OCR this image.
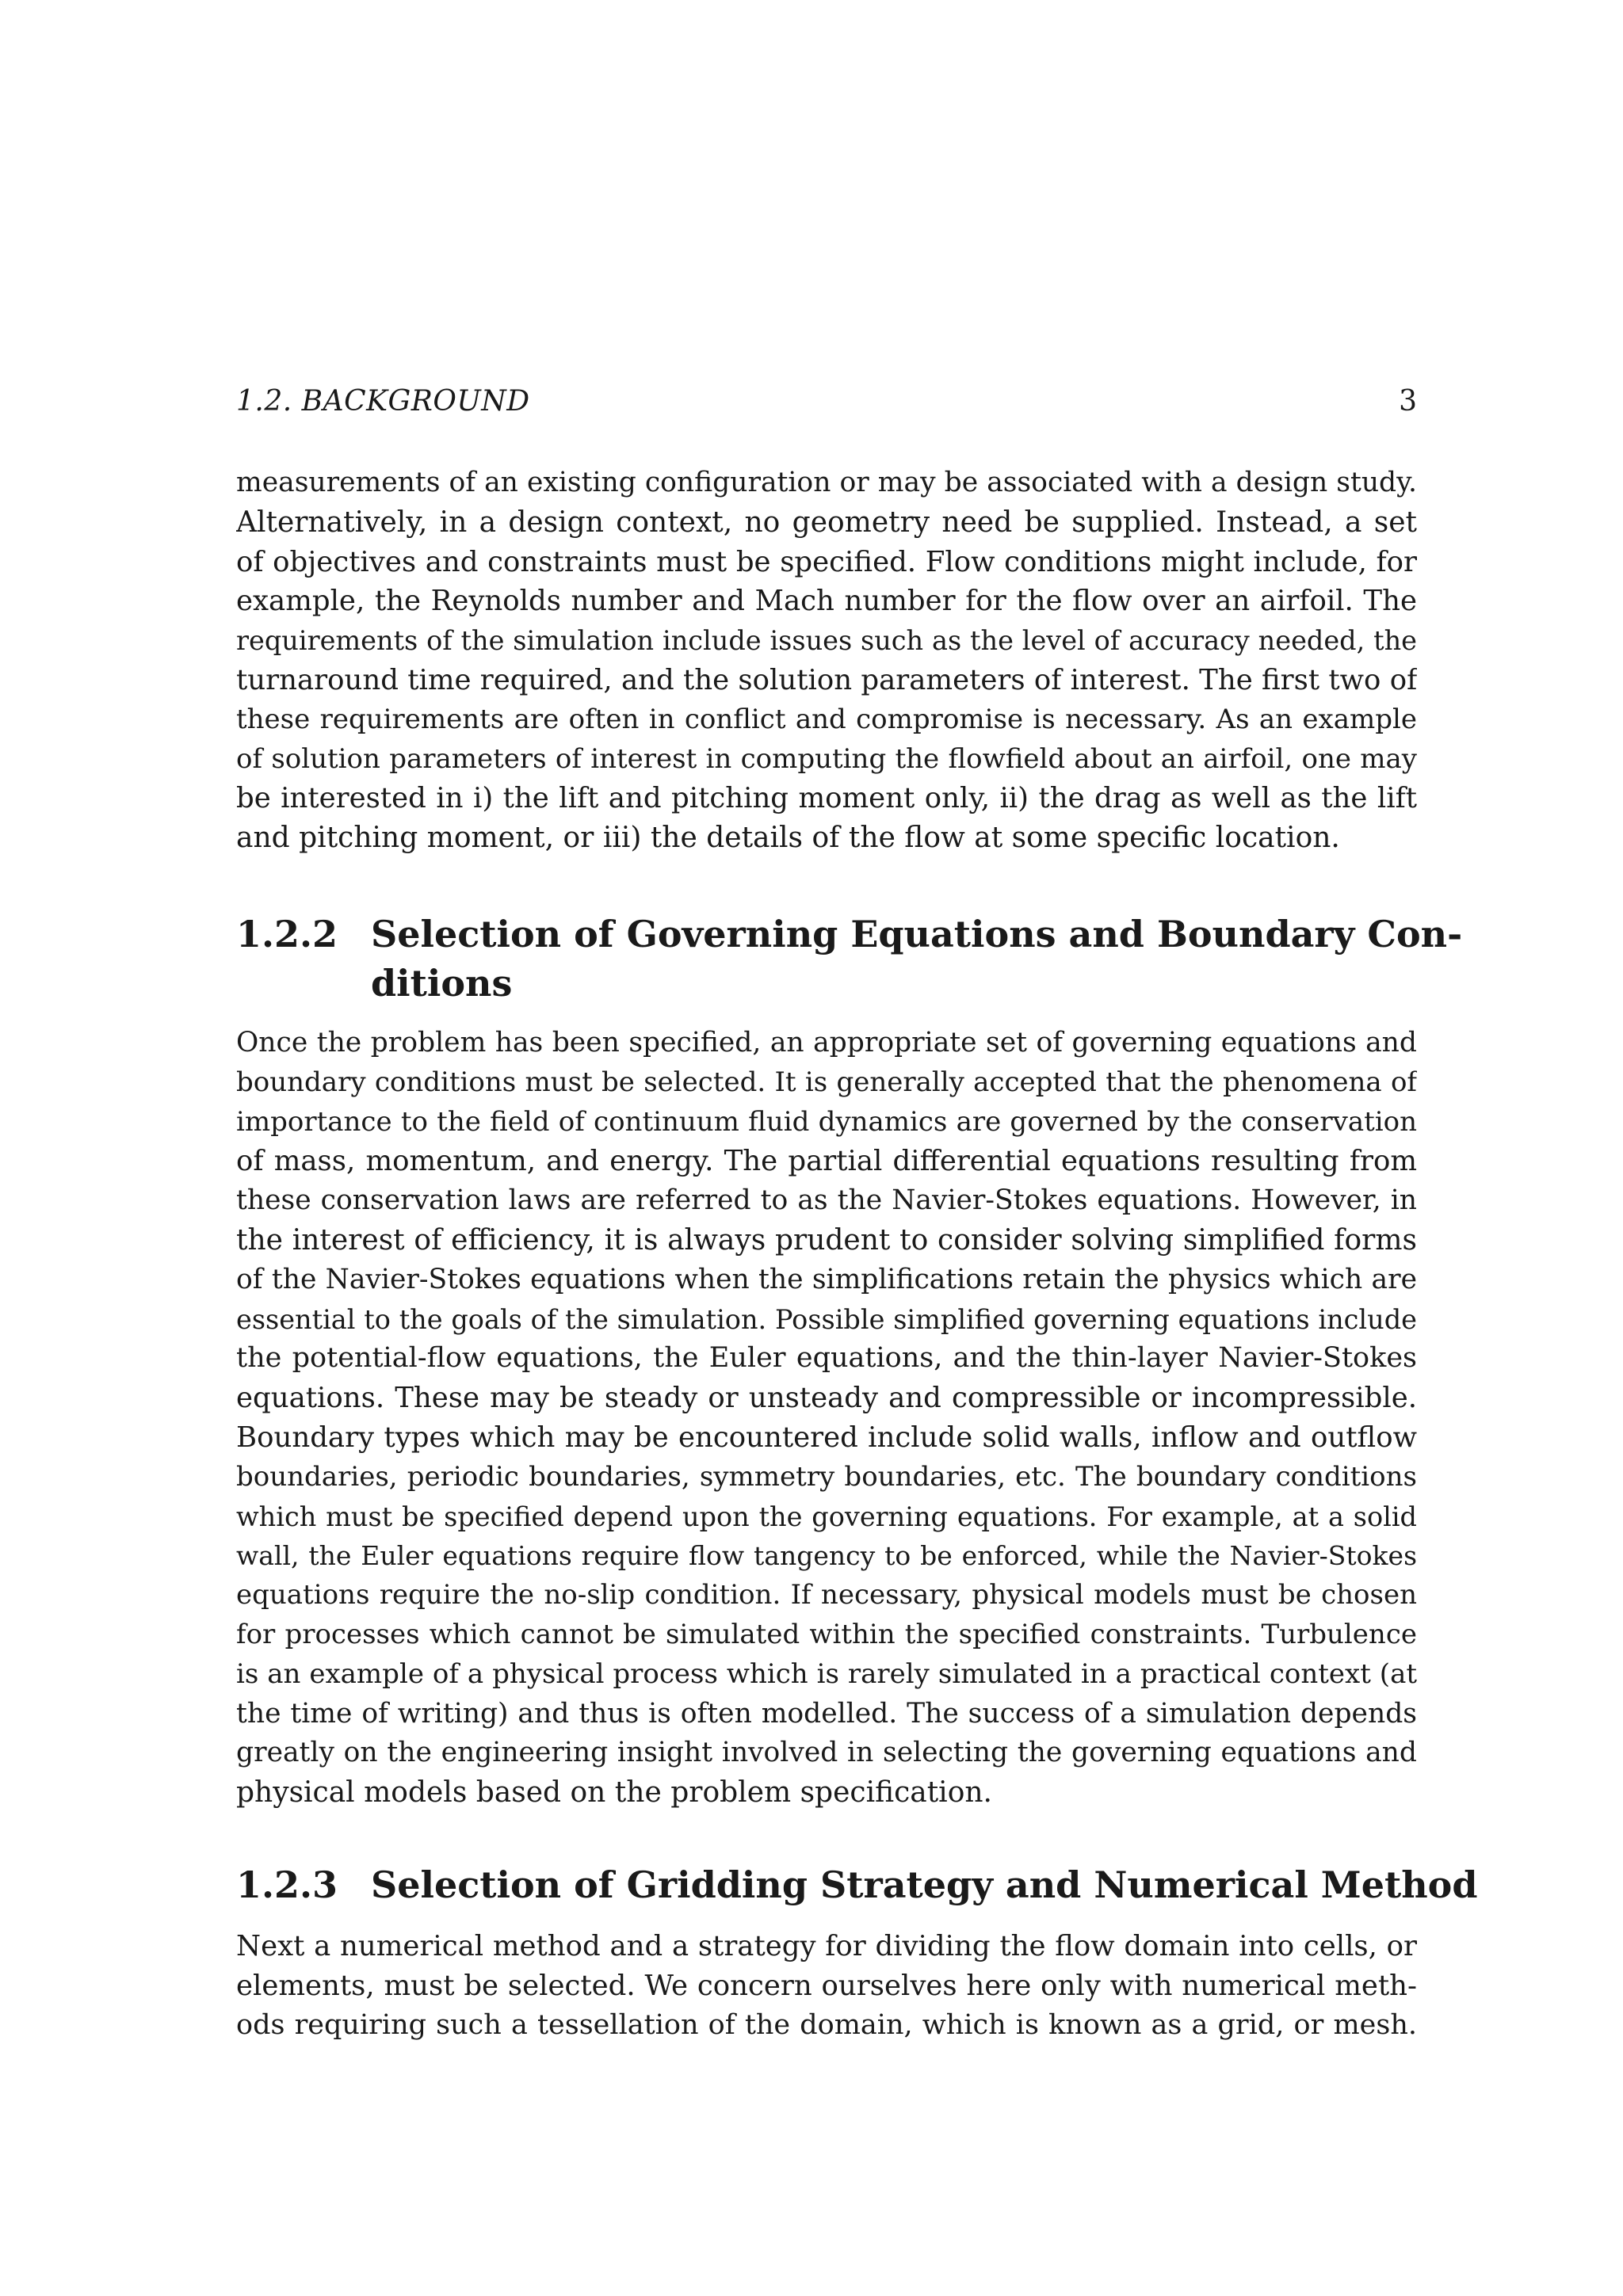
1.2. BACKGROUND	3
measurements of an existing configuration or may be associated with a design study.
Alternatively, in a design context, no geometry need be supplied. Instead, a set
of objectives and constraints must be specified. Flow conditions might include, for
example, the Reynolds number and Mach number for the flow over an airfoil. The
requirements of the simulation include issues such as the level of accuracy needed, the
turnaround time required, and the solution parameters of interest. The first two of
these requirements are often in conflict and compromise is necessary. As an example
of solution parameters of interest in computing the flowfield about an airfoil, one may
be interested in i) the lift and pitching moment only, ii) the drag as well as the lift
and pitching moment, or iii) the details of the flow at some specific location.
1.2.2 Selection of Governing Equations and Boundary Con-
ditions
Once the problem has been specified, an appropriate set of governing equations and
boundary conditions must be selected. It is generally accepted that the phenomena of
importance to the field of continuum fluid dynamics are governed by the conservation
of mass, momentum, and energy. The partial differential equations resulting from
these conservation laws are referred to as the Navier-Stokes equations. However, in
the interest of efficiency, it is always prudent to consider solving simplified forms
of the Navier-Stokes equations when the simplifications retain the physics which are
essential to the goals of the simulation. Possible simplified governing equations include
the potential-flow equations, the Euler equations, and the thin-layer Navier-Stokes
equations. These may be steady or unsteady and compressible or incompressible.
Boundary types which may be encountered include solid walls, inflow and outflow
boundaries, periodic boundaries, symmetry boundaries, etc. The boundary conditions
which must be specified depend upon the governing equations. For example, at a solid
wall, the Euler equations require flow tangency to be enforced, while the Navier-Stokes
equations require the no-slip condition. If necessary, physical models must be chosen
for processes which cannot be simulated within the specified constraints. Turbulence
is an example of a physical process which is rarely simulated in a practical context (at
the time of writing) and thus is often modelled. The success of a simulation depends
greatly on the engineering insight involved in selecting the governing equations and
physical models based on the problem specification.
1.2.3 Selection of Gridding Strategy and Numerical Method
Next a numerical method and a strategy for dividing the flow domain into cells, or
elements, must be selected. We concern ourselves here only with numerical meth-
ods requiring such a tessellation of the domain, which is known as a grid, or mesh.
